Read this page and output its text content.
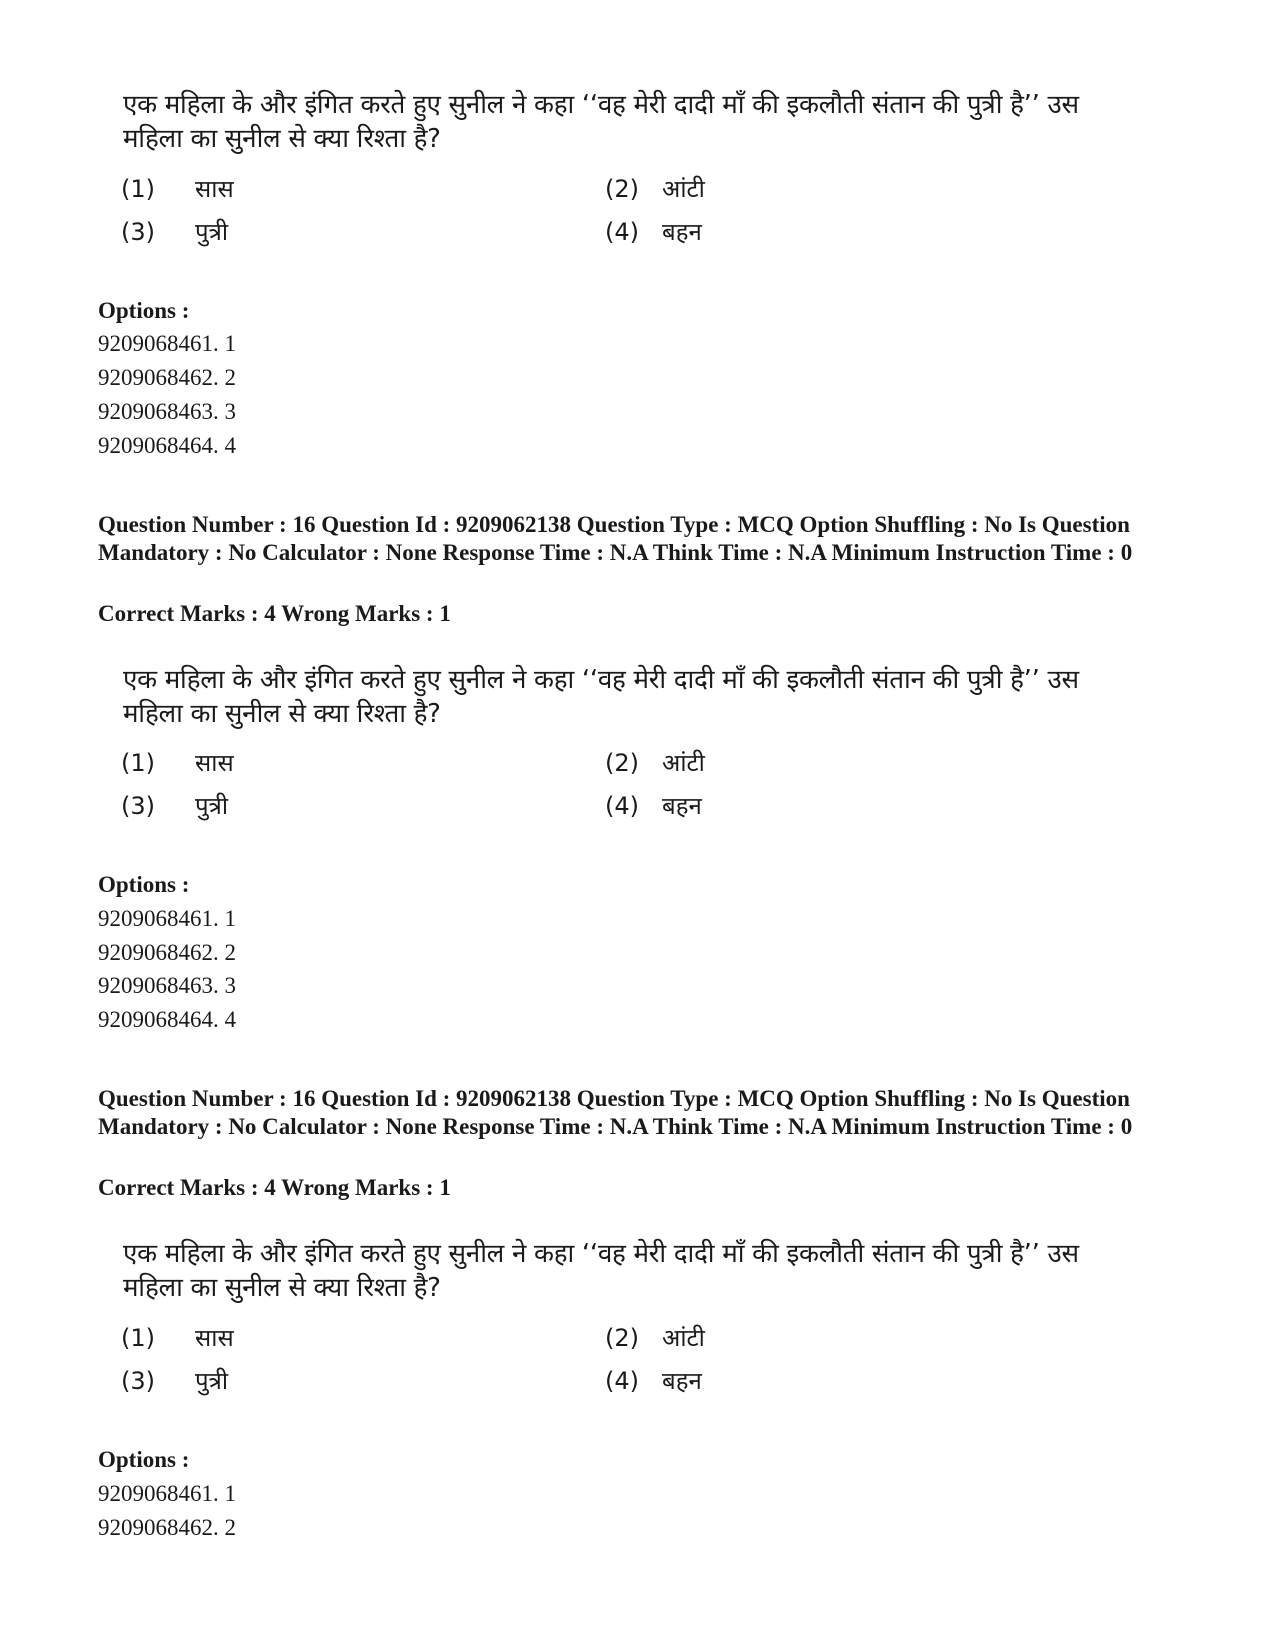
एक महिला के और इंगित करते हुए सुनील ने कहा ‘‘वह मेरी दादी माँ की इकलौती संतान की पुत्री है’’ उस महिला का सुनील से क्या रिश्ता है?
(1) सास	(2) आंटी
(3) पुत्री	(4) बहन
Options :
9209068461. 1
9209068462. 2
9209068463. 3
9209068464. 4
Question Number : 16 Question Id : 9209062138 Question Type : MCQ Option Shuffling : No Is Question Mandatory : No Calculator : None Response Time : N.A Think Time : N.A Minimum Instruction Time : 0
Correct Marks : 4 Wrong Marks : 1
एक महिला के और इंगित करते हुए सुनील ने कहा ‘‘वह मेरी दादी माँ की इकलौती संतान की पुत्री है’’ उस महिला का सुनील से क्या रिश्ता है?
(1) सास	(2) आंटी
(3) पुत्री	(4) बहन
Options :
9209068461. 1
9209068462. 2
9209068463. 3
9209068464. 4
Question Number : 16 Question Id : 9209062138 Question Type : MCQ Option Shuffling : No Is Question Mandatory : No Calculator : None Response Time : N.A Think Time : N.A Minimum Instruction Time : 0
Correct Marks : 4 Wrong Marks : 1
एक महिला के और इंगित करते हुए सुनील ने कहा ‘‘वह मेरी दादी माँ की इकलौती संतान की पुत्री है’’ उस महिला का सुनील से क्या रिश्ता है?
(1) सास	(2) आंटी
(3) पुत्री	(4) बहन
Options :
9209068461. 1
9209068462. 2
